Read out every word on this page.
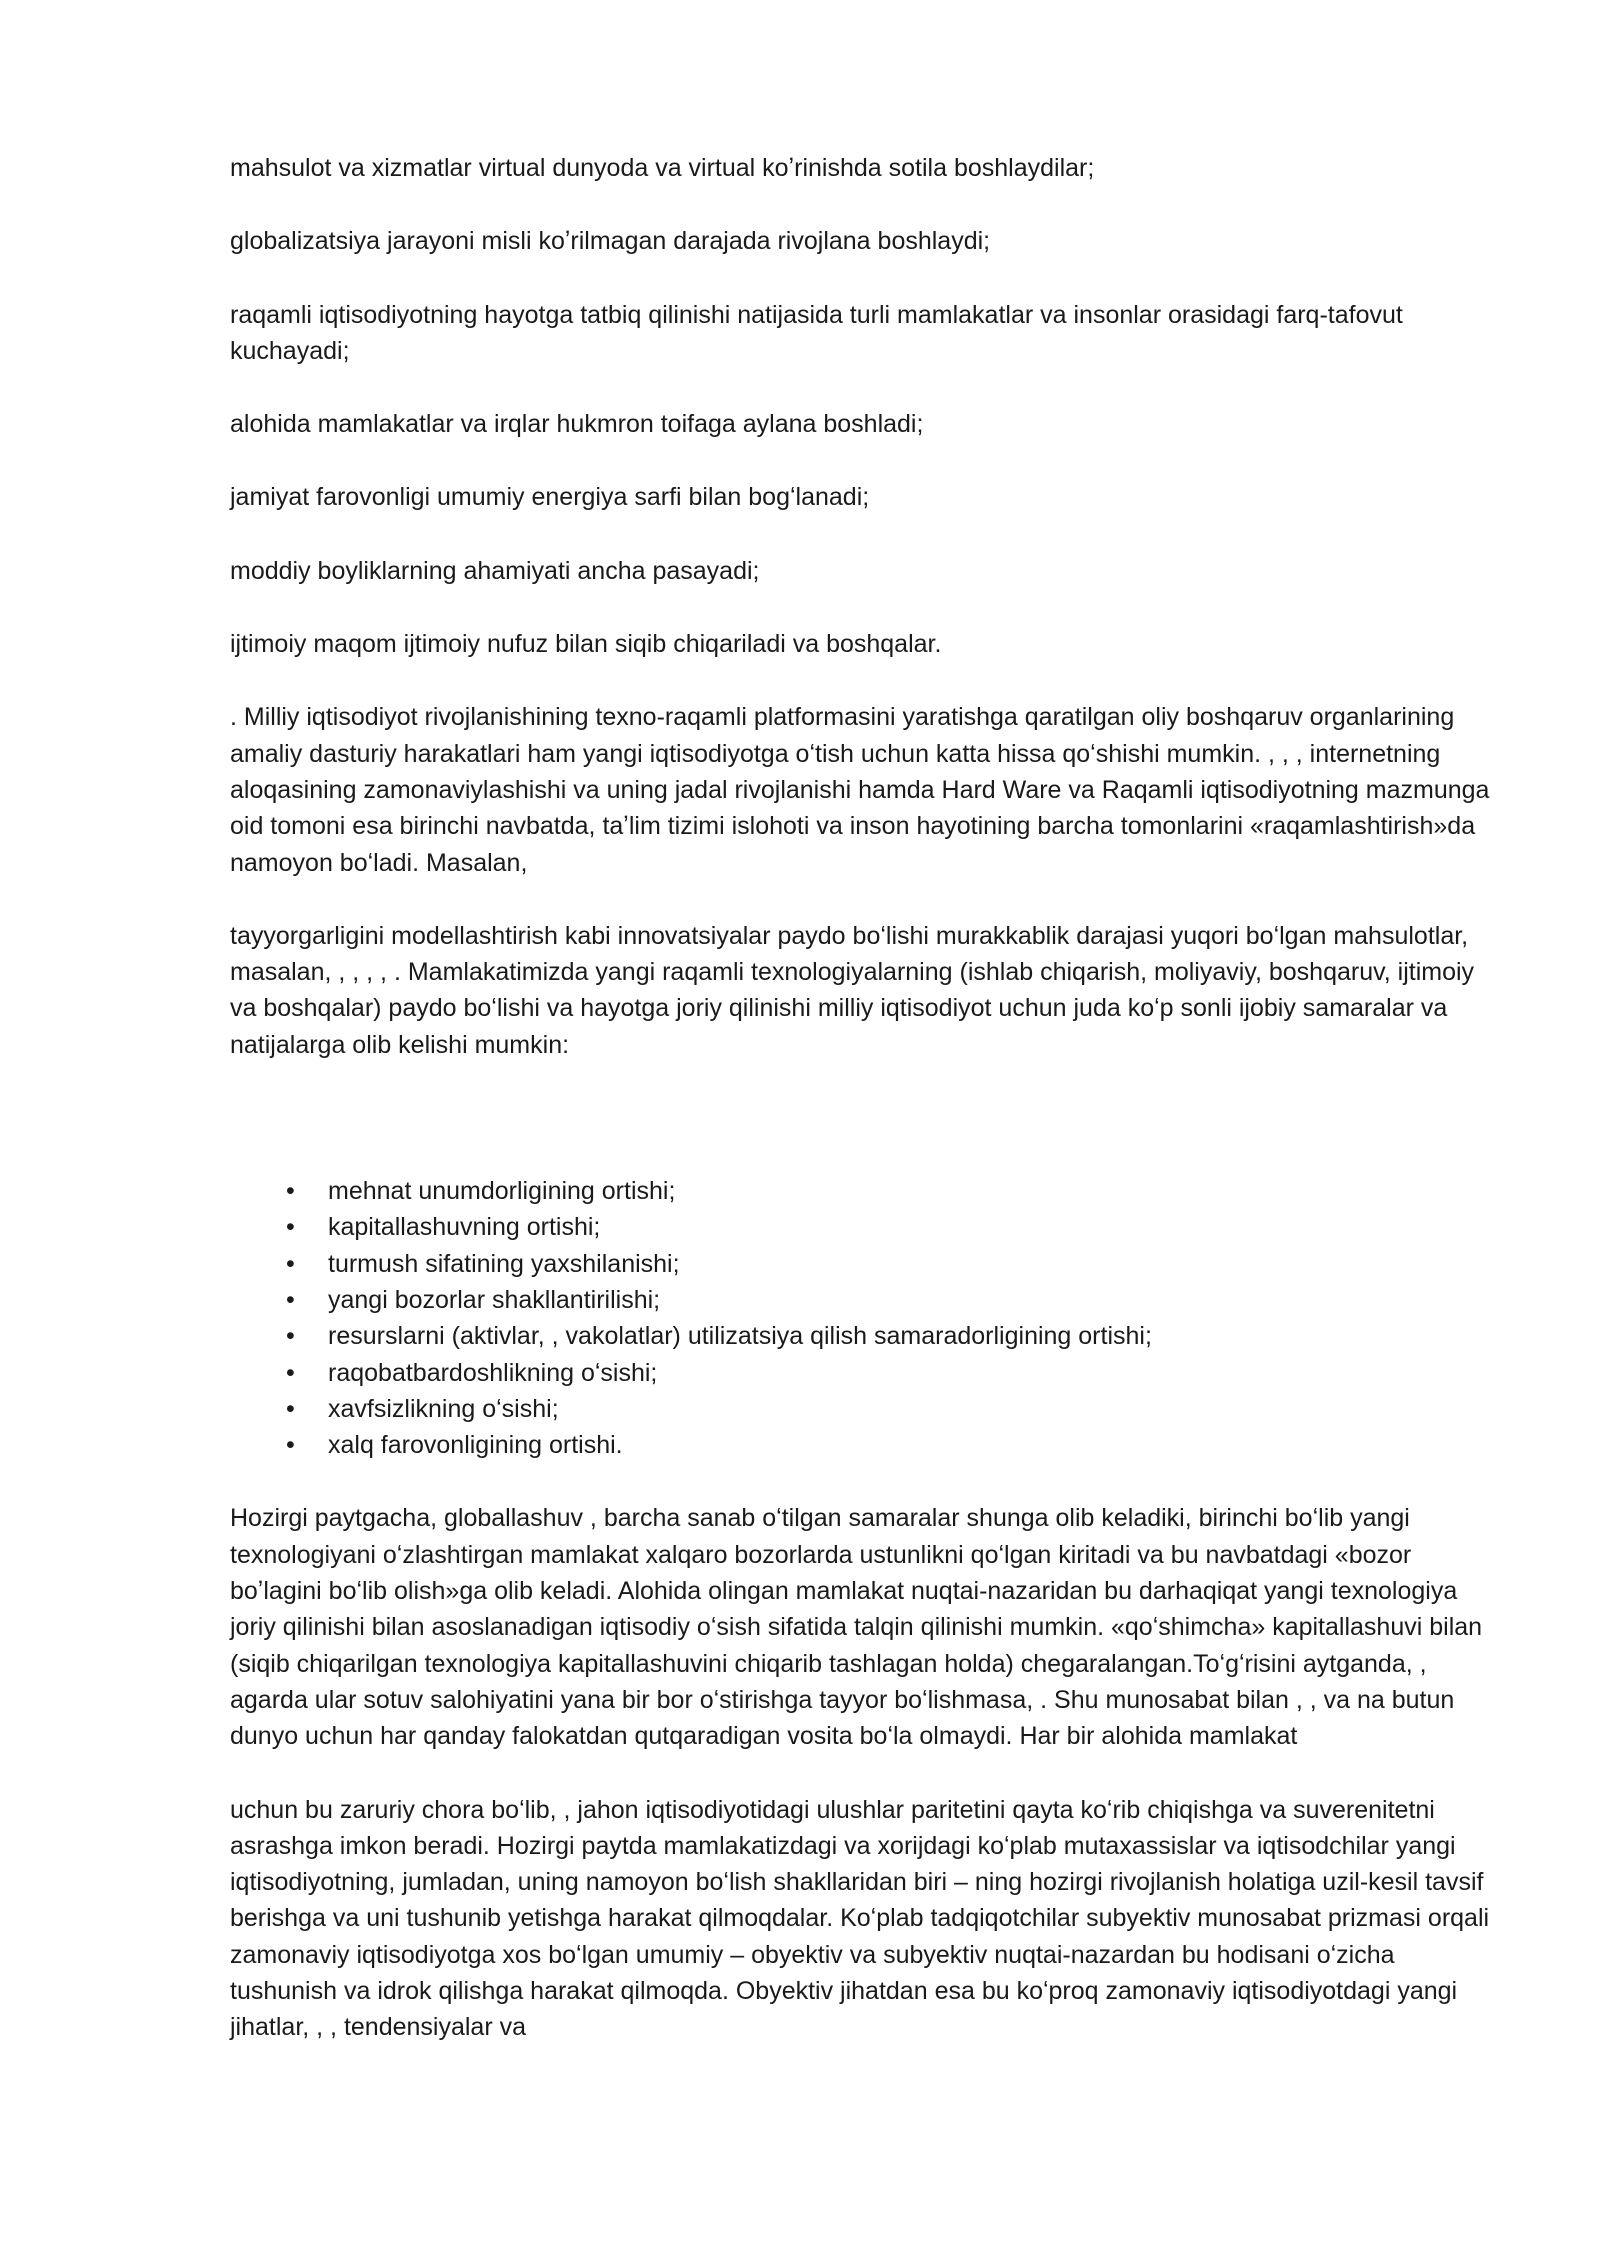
mahsulot va xizmatlar virtual dunyoda va virtual koʼrinishda sotila boshlaydilar;

globalizatsiya jarayoni misli koʼrilmagan darajada rivojlana boshlaydi;

raqamli iqtisodiyotning hayotga tatbiq qilinishi natijasida turli mamlakatlar va insonlar orasidagi farq-tafovut kuchayadi;

alohida mamlakatlar va irqlar hukmron toifaga aylana boshladi;

jamiyat farovonligi umumiy energiya sarfi bilan bogʻlanadi;

moddiy boyliklarning ahamiyati ancha pasayadi;

ijtimoiy maqom ijtimoiy nufuz bilan siqib chiqariladi va boshqalar.

. Milliy iqtisodiyot rivojlanishining texno-raqamli platformasini yaratishga qaratilgan oliy boshqaruv organlarining amaliy dasturiy harakatlari ham yangi iqtisodiyotga oʻtish uchun katta hissa qoʻshishi mumkin. , , , internetning aloqasining zamonaviylashishi va uning jadal rivojlanishi hamda Hard Ware va Raqamli iqtisodiyotning mazmunga oid tomoni esa birinchi navbatda, taʼlim tizimi islohoti va inson hayotining barcha tomonlarini «raqamlashtirish»da namoyon boʻladi. Masalan,

tayyorgarligini modellashtirish kabi innovatsiyalar paydo boʻlishi murakkablik darajasi yuqori boʻlgan mahsulotlar, masalan, , , , , . Mamlakatimizda yangi raqamli texnologiyalarning (ishlab chiqarish, moliyaviy, boshqaruv, ijtimoiy va boshqalar) paydo boʻlishi va hayotga joriy qilinishi milliy iqtisodiyot uchun juda koʻp sonli ijobiy samaralar va natijalarga olib kelishi mumkin:

• mehnat unumdorligining ortishi;
• kapitallashuvning ortishi;
• turmush sifatining yaxshilanishi;
• yangi bozorlar shakllantirilishi;
• resurslarni (aktivlar, , vakolatlar) utilizatsiya qilish samaradorligining ortishi;
• raqobatbardoshlikning oʻsishi;
• xavfsizlikning oʻsishi;
• xalq farovonligining ortishi.

Hozirgi paytgacha, globallashuv , barcha sanab oʻtilgan samaralar shunga olib keladiki, birinchi boʻlib yangi texnologiyani oʻzlashtirgan mamlakat xalqaro bozorlarda ustunlikni qoʻlgan kiritadi va bu navbatdagi «bozor boʼlagini boʻlib olish»ga olib keladi. Alohida olingan mamlakat nuqtai-nazaridan bu darhaqiqat yangi texnologiya joriy qilinishi bilan asoslanadigan iqtisodiy oʻsish sifatida talqin qilinishi mumkin. «qoʻshimcha» kapitallashuvi bilan (siqib chiqarilgan texnologiya kapitallashuvini chiqarib tashlagan holda) chegaralangan.Toʻgʻrisini aytganda, , agarda ular sotuv salohiyatini yana bir bor oʻstirishga tayyor boʻlishmasa, . Shu munosabat bilan , , va na butun dunyo uchun har qanday falokatdan qutqaradigan vosita boʻla olmaydi. Har bir alohida mamlakat

uchun bu zaruriy chora boʻlib, , jahon iqtisodiyotidagi ulushlar paritetini qayta koʻrib chiqishga va suverenitetni asrashga imkon beradi. Hozirgi paytda mamlakatizdagi va xorijdagi koʻplab mutaxassislar va iqtisodchilar yangi iqtisodiyotning, jumladan, uning namoyon boʻlish shakllaridan biri – ning hozirgi rivojlanish holatiga uzil-kesil tavsif berishga va uni tushunib yetishga harakat qilmoqdalar. Koʻplab tadqiqotchilar subyektiv munosabat prizmasi orqali zamonaviy iqtisodiyotga xos boʻlgan umumiy – obyektiv va subyektiv nuqtai-nazardan bu hodisani oʻzicha tushunish va idrok qilishga harakat qilmoqda. Obyektiv jihatdan esa bu koʻproq zamonaviy iqtisodiyotdagi yangi jihatlar, , , tendensiyalar va
